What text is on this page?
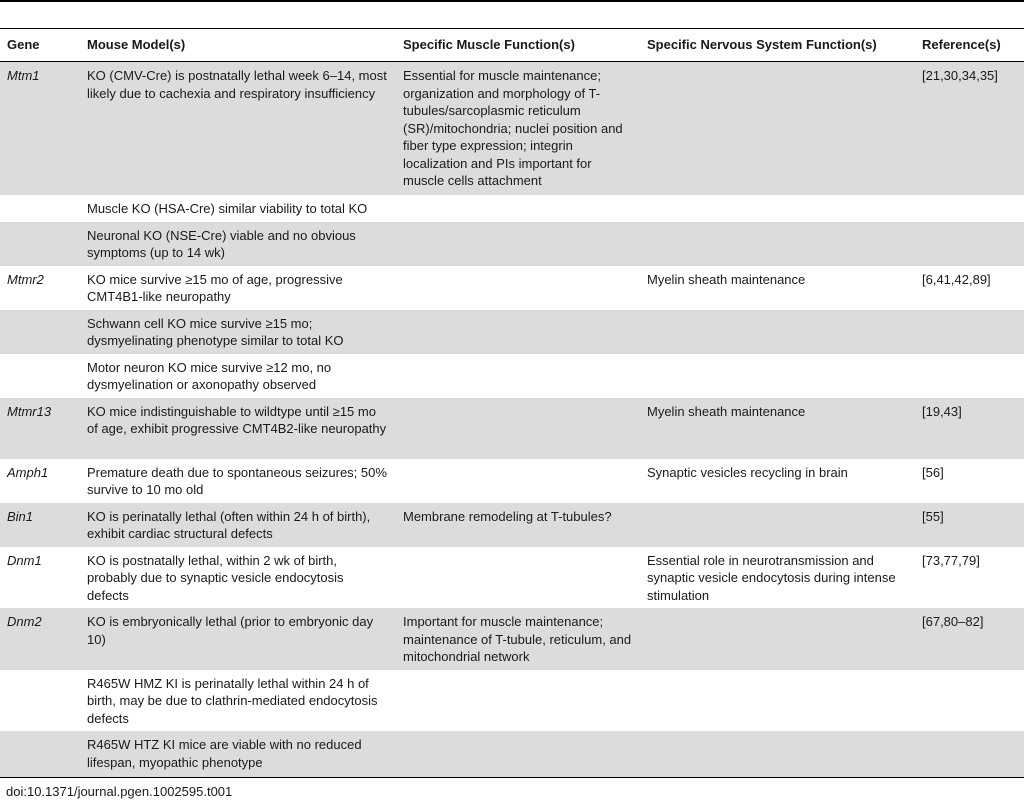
Gene	Mouse Model(s)	Specific Muscle Function(s)	Specific Nervous System Function(s)	Reference(s)
Mtm1	KO (CMV-Cre) is postnatally lethal week 6–14, most likely due to cachexia and respiratory insufficiency	Essential for muscle maintenance; organization and morphology of T-tubules/sarcoplasmic reticulum (SR)/mitochondria; nuclei position and fiber type expression; integrin localization and PIs important for muscle cells attachment		[21,30,34,35]
	Muscle KO (HSA-Cre) similar viability to total KO			
	Neuronal KO (NSE-Cre) viable and no obvious symptoms (up to 14 wk)			
Mtmr2	KO mice survive ≥15 mo of age, progressive CMT4B1-like neuropathy		Myelin sheath maintenance	[6,41,42,89]
	Schwann cell KO mice survive ≥15 mo; dysmyelinating phenotype similar to total KO			
	Motor neuron KO mice survive ≥12 mo, no dysmyelination or axonopathy observed			
Mtmr13	KO mice indistinguishable to wildtype until ≥15 mo of age, exhibit progressive CMT4B2-like neuropathy		Myelin sheath maintenance	[19,43]
Amph1	Premature death due to spontaneous seizures; 50% survive to 10 mo old		Synaptic vesicles recycling in brain	[56]
Bin1	KO is perinatally lethal (often within 24 h of birth), exhibit cardiac structural defects	Membrane remodeling at T-tubules?		[55]
Dnm1	KO is postnatally lethal, within 2 wk of birth, probably due to synaptic vesicle endocytosis defects		Essential role in neurotransmission and synaptic vesicle endocytosis during intense stimulation	[73,77,79]
Dnm2	KO is embryonically lethal (prior to embryonic day 10)	Important for muscle maintenance; maintenance of T-tubule, reticulum, and mitochondrial network		[67,80–82]
	R465W HMZ KI is perinatally lethal within 24 h of birth, may be due to clathrin-mediated endocytosis defects			
	R465W HTZ KI mice are viable with no reduced lifespan, myopathic phenotype			
doi:10.1371/journal.pgen.1002595.t001
